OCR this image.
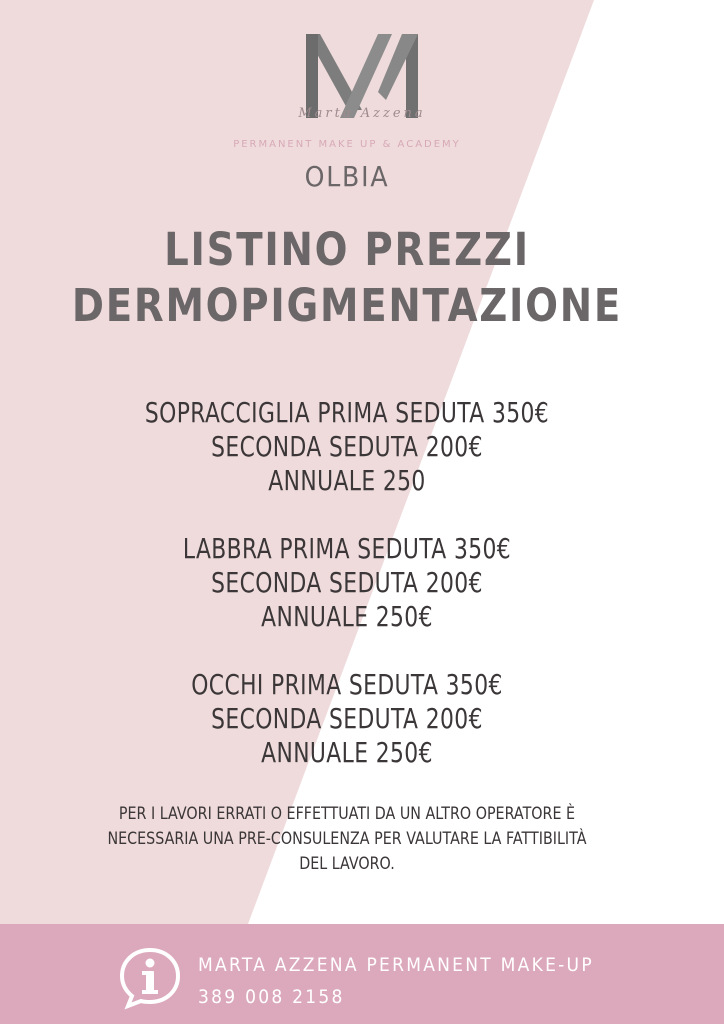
Marta Azzena
PERMANENT MAKE UP & ACADEMY
OLBIA
LISTINO PREZZI
DERMOPIGMENTAZIONE
SOPRACCIGLIA PRIMA SEDUTA 350€
SECONDA SEDUTA 200€
ANNUALE 250
LABBRA PRIMA SEDUTA 350€
SECONDA SEDUTA 200€
ANNUALE 250€
OCCHI PRIMA SEDUTA 350€
SECONDA SEDUTA 200€
ANNUALE 250€
PER I LAVORI ERRATI O EFFETTUATI DA UN ALTRO OPERATORE È
NECESSARIA UNA PRE-CONSULENZA PER VALUTARE LA FATTIBILITÀ
DEL LAVORO.
MARTA AZZENA PERMANENT MAKE-UP
389 008 2158
